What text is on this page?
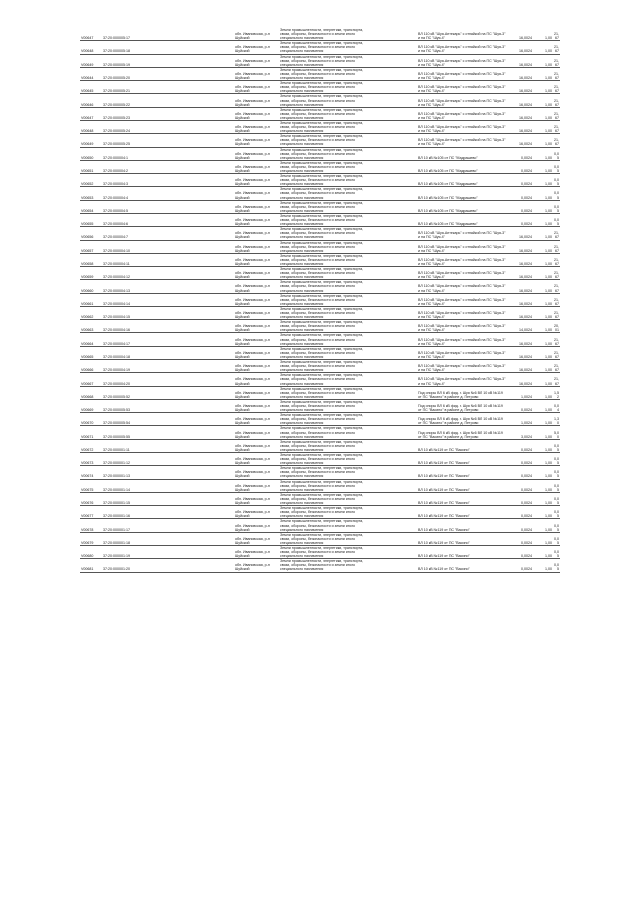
V00647	37:20:000005:17		обл. Ивановская, р-н Шуйский	Земли промышленности, энергетики, транспорта, связи, обороны, безопасности и земли иного специального назначения			ВЛ 110 кВ "Шуя-Аптекарь" с отпайкой на ПС "Шуя-3" и на ПС "Шуя-4"	16,0024	1,00	21,67
V00648	37:20:000005:18		обл. Ивановская, р-н Шуйский	Земли промышленности, энергетики, транспорта, связи, обороны, безопасности и земли иного специального назначения			ВЛ 110 кВ "Шуя-Аптекарь" с отпайкой на ПС "Шуя-3" и на ПС "Шуя-4"	16,0024	1,00	21,67
V00649	37:20:000005:19		обл. Ивановская, р-н Шуйский	Земли промышленности, энергетики, транспорта, связи, обороны, безопасности и земли иного специального назначения			ВЛ 110 кВ "Шуя-Аптекарь" с отпайкой на ПС "Шуя-3" и на ПС "Шуя-4"	16,0024	1,00	21,67
V00644	37:20:000005:20		обл. Ивановская, р-н Шуйский	Земли промышленности, энергетики, транспорта, связи, обороны, безопасности и земли иного специального назначения			ВЛ 110 кВ "Шуя-Аптекарь" с отпайкой на ПС "Шуя-3" и на ПС "Шуя-4"	16,0024	1,00	21,67
V00645	37:20:000005:21		обл. Ивановская, р-н Шуйский	Земли промышленности, энергетики, транспорта, связи, обороны, безопасности и земли иного специального назначения			ВЛ 110 кВ "Шуя-Аптекарь" с отпайкой на ПС "Шуя-3" и на ПС "Шуя-4"	16,0024	1,00	21,67
V00646	37:20:000005:22		обл. Ивановская, р-н Шуйский	Земли промышленности, энергетики, транспорта, связи, обороны, безопасности и земли иного специального назначения			ВЛ 110 кВ "Шуя-Аптекарь" с отпайкой на ПС "Шуя-3" и на ПС "Шуя-4"	16,0024	1,00	21,67
V00647	37:20:000005:23		обл. Ивановская, р-н Шуйский	Земли промышленности, энергетики, транспорта, связи, обороны, безопасности и земли иного специального назначения			ВЛ 110 кВ "Шуя-Аптекарь" с отпайкой на ПС "Шуя-3" и на ПС "Шуя-4"	16,0024	1,00	21,67
V00648	37:20:000005:24		обл. Ивановская, р-н Шуйский	Земли промышленности, энергетики, транспорта, связи, обороны, безопасности и земли иного специального назначения			ВЛ 110 кВ "Шуя-Аптекарь" с отпайкой на ПС "Шуя-3" и на ПС "Шуя-4"	16,0024	1,00	21,67
V00649	37:20:000005:25		обл. Ивановская, р-н Шуйский	Земли промышленности, энергетики, транспорта, связи, обороны, безопасности и земли иного специального назначения			ВЛ 110 кВ "Шуя-Аптекарь" с отпайкой на ПС "Шуя-3" и на ПС "Шуя-4"	16,0024	1,00	21,67
V00650	37:20:000004:1		обл. Ивановская, р-н Шуйский	Земли промышленности, энергетики, транспорта, связи, обороны, безопасности и земли иного специального назначения			ВЛ 10 кВ №105 от ПС "Мадрашево"	0,0024	1,00	0,05
V00651	37:20:000004:2		обл. Ивановская, р-н Шуйский	Земли промышленности, энергетики, транспорта, связи, обороны, безопасности и земли иного специального назначения			ВЛ 10 кВ №105 от ПС "Мадрашево"	0,0024	1,00	0,05
V00652	37:20:000004:3		обл. Ивановская, р-н Шуйский	Земли промышленности, энергетики, транспорта, связи, обороны, безопасности и земли иного специального назначения			ВЛ 10 кВ №105 от ПС "Мадрашево"	0,0024	1,00	0,05
V00653	37:20:000004:4		обл. Ивановская, р-н Шуйский	Земли промышленности, энергетики, транспорта, связи, обороны, безопасности и земли иного специального назначения			ВЛ 10 кВ №105 от ПС "Мадрашево"	0,0024	1,00	0,05
V00654	37:20:000004:5		обл. Ивановская, р-н Шуйский	Земли промышленности, энергетики, транспорта, связи, обороны, безопасности и земли иного специального назначения			ВЛ 10 кВ №105 от ПС "Мадрашево"	0,0024	1,00	0,05
V00655	37:20:000004:6		обл. Ивановская, р-н Шуйский	Земли промышленности, энергетики, транспорта, связи, обороны, безопасности и земли иного специального назначения			ВЛ 10 кВ №105 от ПС "Мадрашево"	0,0024	1,00	0,05
V00656	37:20:000004:7		обл. Ивановская, р-н Шуйский	Земли промышленности, энергетики, транспорта, связи, обороны, безопасности и земли иного специального назначения			ВЛ 110 кВ "Шуя-Аптекарь" с отпайкой на ПС "Шуя-3" и на ПС "Шуя-4"	16,0024	1,00	21,67
V00657	37:20:000004:10		обл. Ивановская, р-н Шуйский	Земли промышленности, энергетики, транспорта, связи, обороны, безопасности и земли иного специального назначения			ВЛ 110 кВ "Шуя-Аптекарь" с отпайкой на ПС "Шуя-3" и на ПС "Шуя-4"	16,0024	1,00	21,67
V00658	37:20:000004:11		обл. Ивановская, р-н Шуйский	Земли промышленности, энергетики, транспорта, связи, обороны, безопасности и земли иного специального назначения			ВЛ 110 кВ "Шуя-Аптекарь" с отпайкой на ПС "Шуя-3" и на ПС "Шуя-4"	16,0024	1,00	21,67
V00659	37:20:000004:12		обл. Ивановская, р-н Шуйский	Земли промышленности, энергетики, транспорта, связи, обороны, безопасности и земли иного специального назначения			ВЛ 110 кВ "Шуя-Аптекарь" с отпайкой на ПС "Шуя-3" и на ПС "Шуя-4"	16,0024	1,00	21,67
V00660	37:20:000004:13		обл. Ивановская, р-н Шуйский	Земли промышленности, энергетики, транспорта, связи, обороны, безопасности и земли иного специального назначения			ВЛ 110 кВ "Шуя-Аптекарь" с отпайкой на ПС "Шуя-3" и на ПС "Шуя-4"	16,0024	1,00	21,67
V00661	37:20:000004:14		обл. Ивановская, р-н Шуйский	Земли промышленности, энергетики, транспорта, связи, обороны, безопасности и земли иного специального назначения			ВЛ 110 кВ "Шуя-Аптекарь" с отпайкой на ПС "Шуя-3" и на ПС "Шуя-4"	16,0024	1,00	21,67
V00662	37:20:000004:15		обл. Ивановская, р-н Шуйский	Земли промышленности, энергетики, транспорта, связи, обороны, безопасности и земли иного специального назначения			ВЛ 110 кВ "Шуя-Аптекарь" с отпайкой на ПС "Шуя-3" и на ПС "Шуя-4"	16,0024	1,00	21,67
V00663	37:20:000004:16		обл. Ивановская, р-н Шуйский	Земли промышленности, энергетики, транспорта, связи, обороны, безопасности и земли иного специального назначения			ВЛ 110 кВ "Шуя-Аптекарь" с отпайкой на ПС "Шуя-3" и на ПС "Шуя-4"	14,0024	1,00	20,01
V00664	37:20:000004:17		обл. Ивановская, р-н Шуйский	Земли промышленности, энергетики, транспорта, связи, обороны, безопасности и земли иного специального назначения			ВЛ 110 кВ "Шуя-Аптекарь" с отпайкой на ПС "Шуя-3" и на ПС "Шуя-4"	16,0024	1,00	21,67
V00665	37:20:000004:18		обл. Ивановская, р-н Шуйский	Земли промышленности, энергетики, транспорта, связи, обороны, безопасности и земли иного специального назначения			ВЛ 110 кВ "Шуя-Аптекарь" с отпайкой на ПС "Шуя-3" и на ПС "Шуя-4"	16,0024	1,00	21,67
V00666	37:20:000004:19		обл. Ивановская, р-н Шуйский	Земли промышленности, энергетики, транспорта, связи, обороны, безопасности и земли иного специального назначения			ВЛ 110 кВ "Шуя-Аптекарь" с отпайкой на ПС "Шуя-3" и на ПС "Шуя-4"	16,0024	1,00	21,67
V00667	37:20:000004:20		обл. Ивановская, р-н Шуйский	Земли промышленности, энергетики, транспорта, связи, обороны, безопасности и земли иного специального назначения			ВЛ 110 кВ "Шуя-Аптекарь" с отпайкой на ПС "Шуя-3" и на ПС "Шуя-4"	16,0024	1,00	21,67
V00668	37:20:000005:52		обл. Ивановская, р-н Шуйский	Земли промышленности, энергетики, транспорта, связи, обороны, безопасности и земли иного специального назначения			Под опоры ВЛ 6 кВ фид. г. Шуя №6 ВЛ 10 кВ №119 от ПС "Васино" в районе д. Петрово	1,0024	1,00	1,52
V00669	37:20:000005:53		обл. Ивановская, р-н Шуйский	Земли промышленности, энергетики, транспорта, связи, обороны, безопасности и земли иного специального назначения			Под опоры ВЛ 6 кВ фид. г. Шуя №6 ВЛ 10 кВ №119 от ПС "Васино" в районе д. Петрово	0,0024	1,00	0,04
V00670	37:20:000005:54		обл. Ивановская, р-н Шуйский	Земли промышленности, энергетики, транспорта, связи, обороны, безопасности и земли иного специального назначения			Под опоры ВЛ 6 кВ фид. г. Шуя №6 ВЛ 10 кВ №119 от ПС "Васино" в районе д. Петрово	1,0024	1,00	1,30
V00671	37:20:000005:55		обл. Ивановская, р-н Шуйский	Земли промышленности, энергетики, транспорта, связи, обороны, безопасности и земли иного специального назначения			Под опоры ВЛ 6 кВ фид. г. Шуя №6 ВЛ 10 кВ №119 от ПС "Васино" в районе д. Петрово	3,0024	1,00	5,00
V00672	37:20:000001:11		обл. Ивановская, р-н Шуйский	Земли промышленности, энергетики, транспорта, связи, обороны, безопасности и земли иного специального назначения			ВЛ 10 кВ №119 от ПС "Васино"	0,0024	1,00	0,05
V00673	37:20:000001:12		обл. Ивановская, р-н Шуйский	Земли промышленности, энергетики, транспорта, связи, обороны, безопасности и земли иного специального назначения			ВЛ 10 кВ №119 от ПС "Васино"	0,0024	1,00	0,05
V00674	37:20:000001:13		обл. Ивановская, р-н Шуйский	Земли промышленности, энергетики, транспорта, связи, обороны, безопасности и земли иного специального назначения			ВЛ 10 кВ №119 от ПС "Васино"	0,0024	1,00	0,05
V00675	37:20:000001:14		обл. Ивановская, р-н Шуйский	Земли промышленности, энергетики, транспорта, связи, обороны, безопасности и земли иного специального назначения			ВЛ 10 кВ №119 от ПС "Васино"	0,0024	1,00	0,05
V00676	37:20:000001:15		обл. Ивановская, р-н Шуйский	Земли промышленности, энергетики, транспорта, связи, обороны, безопасности и земли иного специального назначения			ВЛ 10 кВ №119 от ПС "Васино"	0,0024	1,00	0,05
V00677	37:20:000001:16		обл. Ивановская, р-н Шуйский	Земли промышленности, энергетики, транспорта, связи, обороны, безопасности и земли иного специального назначения			ВЛ 10 кВ №119 от ПС "Васино"	0,0024	1,00	0,05
V00678	37:20:000001:17		обл. Ивановская, р-н Шуйский	Земли промышленности, энергетики, транспорта, связи, обороны, безопасности и земли иного специального назначения			ВЛ 10 кВ №119 от ПС "Васино"	0,0024	1,00	0,05
V00679	37:20:000001:18		обл. Ивановская, р-н Шуйский	Земли промышленности, энергетики, транспорта, связи, обороны, безопасности и земли иного специального назначения			ВЛ 10 кВ №119 от ПС "Васино"	0,0024	1,00	0,05
V00680	37:20:000001:19		обл. Ивановская, р-н Шуйский	Земли промышленности, энергетики, транспорта, связи, обороны, безопасности и земли иного специального назначения			ВЛ 10 кВ №119 от ПС "Васино"	0,0024	1,00	0,05
V00681	37:20:000001:20		обл. Ивановская, р-н Шуйский	Земли промышленности, энергетики, транспорта, связи, обороны, безопасности и земли иного специального назначения			ВЛ 10 кВ №119 от ПС "Васино"	0,0024	1,00	0,05
